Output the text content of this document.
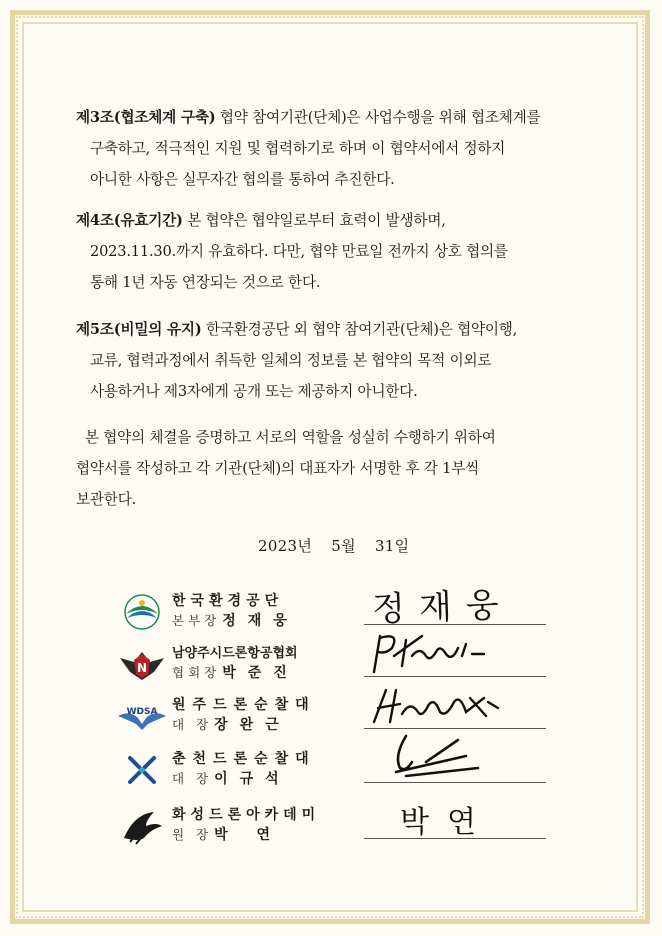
제3조(협조체계 구축) 협약 참여기관(단체)은 사업수행을 위해 협조체계를
구축하고, 적극적인 지원 및 협력하기로 하며 이 협약서에서 정하지
아니한 사항은 실무자간 협의를 통하여 추진한다.
제4조(유효기간) 본 협약은 협약일로부터 효력이 발생하며,
2023.11.30.까지 유효하다. 다만, 협약 만료일 전까지 상호 협의를
통해 1년 자동 연장되는 것으로 한다.
제5조(비밀의 유지) 한국환경공단 외 협약 참여기관(단체)은 협약이행,
교류, 협력과정에서 취득한 일체의 정보를 본 협약의 목적 이외로
사용하거나 제3자에게 공개 또는 제공하지 아니한다.
본 협약의 체결을 증명하고 서로의 역할을 성실히 수행하기 위하여
협약서를 작성하고 각 기관(단체)의 대표자가 서명한 후 각 1부씩
보관한다.
2023년 5월 31일
한국환경공단
본부장 정재웅 정재웅
N
남양주시드론항공협회
협회장 박준진
WDSA 원주드론순찰대
대 장 장완근
춘천드론순찰대
대 장 이규석
화성드론아카데미
원 장 박 연	박연
